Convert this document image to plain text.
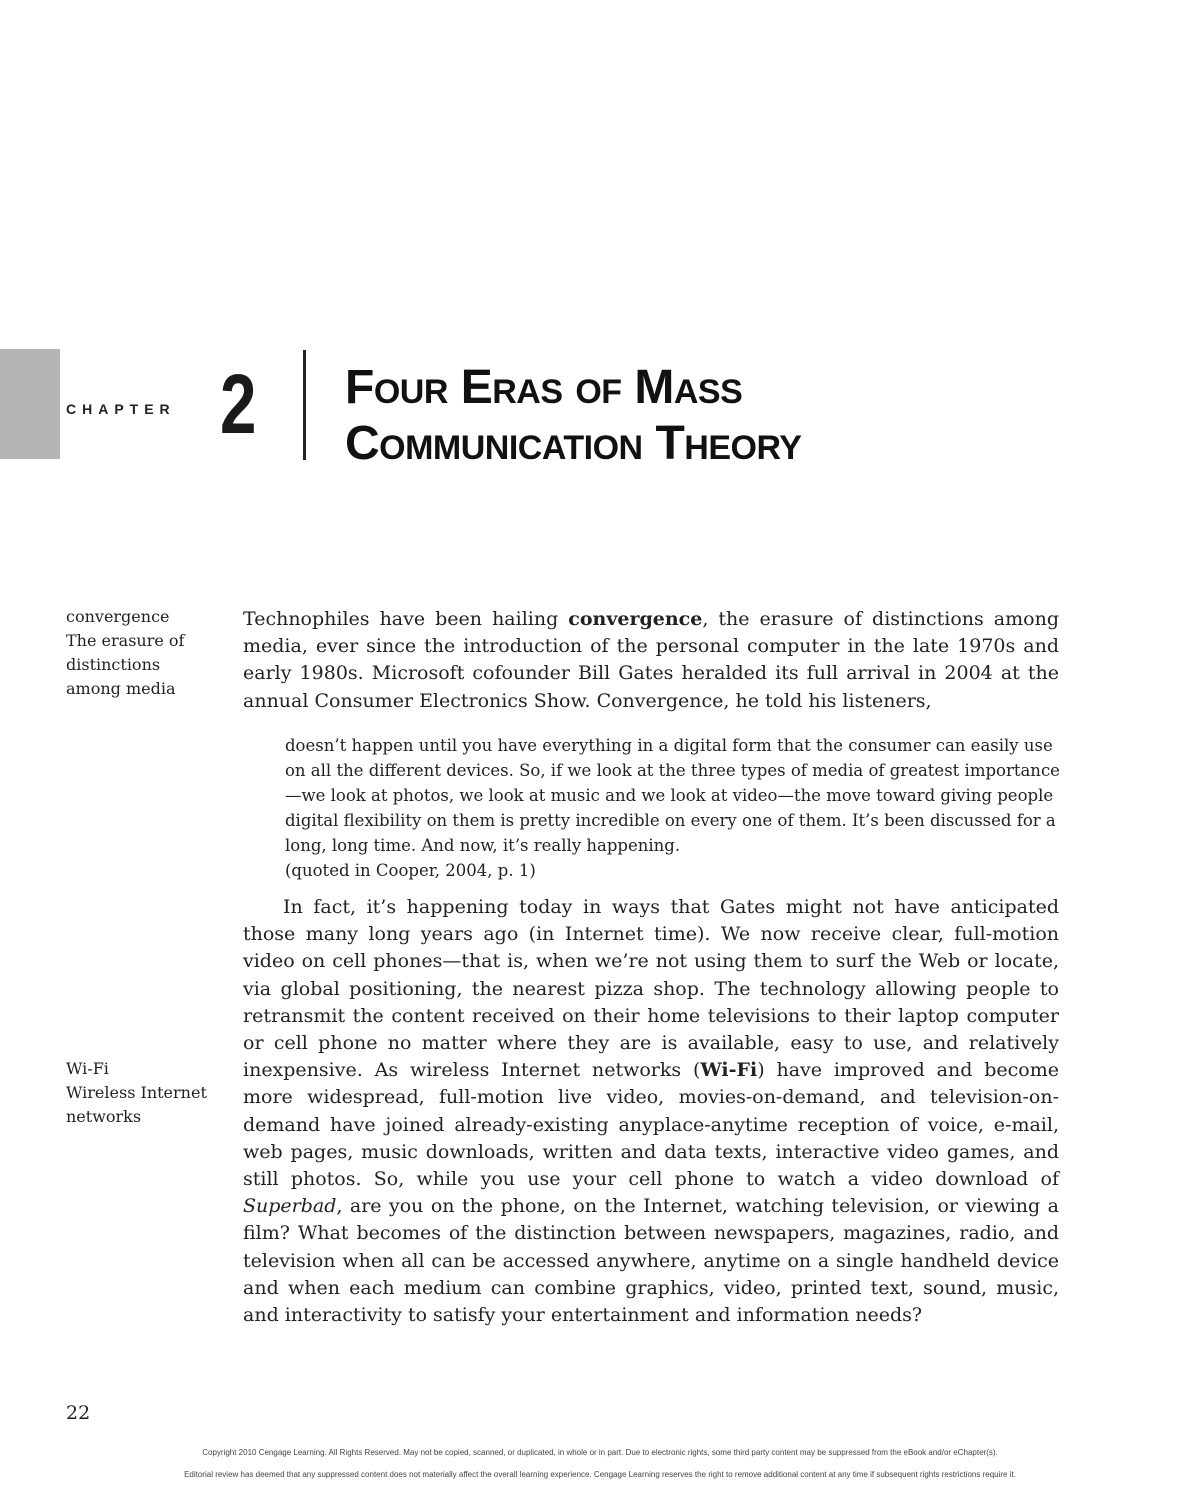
CHAPTER 2 Four Eras of Mass
Communication Theory
convergence
The erasure of distinctions among media
Wi-Fi
Wireless Internet networks

Technophiles have been hailing convergence, the erasure of distinctions among media, ever since the introduction of the personal computer in the late 1970s and early 1980s. Microsoft cofounder Bill Gates heralded its full arrival in 2004 at the annual Consumer Electronics Show. Convergence, he told his listeners,

doesn’t happen until you have everything in a digital form that the consumer can easily use on all the different devices. So, if we look at the three types of media of greatest importance—we look at photos, we look at music and we look at video—the move toward giving people digital flexibility on them is pretty incredible on every one of them. It’s been discussed for a long, long time. And now, it’s really happening.

(quoted in Cooper, 2004, p. 1)

In fact, it’s happening today in ways that Gates might not have anticipated those many long years ago (in Internet time). We now receive clear, full-motion video on cell phones—that is, when we’re not using them to surf the Web or locate, via global positioning, the nearest pizza shop. The technology allowing people to retransmit the content received on their home televisions to their laptop computer or cell phone no matter where they are is available, easy to use, and relatively inexpensive. As wireless Internet networks (Wi-Fi) have improved and become more widespread, full-motion live video, movies-on-demand, and television-on-demand have joined already-existing anyplace-anytime reception of voice, e-mail, web pages, music downloads, written and data texts, interactive video games, and still photos. So, while you use your cell phone to watch a video download of Superbad, are you on the phone, on the Internet, watching television, or viewing a film? What becomes of the distinction between newspapers, magazines, radio, and television when all can be accessed anywhere, anytime on a single handheld device and when each medium can combine graphics, video, printed text, sound, music, and interactivity to satisfy your entertainment and information needs?

22
Copyright 2010 Cengage Learning. All Rights Reserved. May not be copied, scanned, or duplicated, in whole or in part. Due to electronic rights, some third party content may be suppressed from the eBook and/or eChapter(s).
Editorial review has deemed that any suppressed content does not materially affect the overall learning experience. Cengage Learning reserves the right to remove additional content at any time if subsequent rights restrictions require it.
